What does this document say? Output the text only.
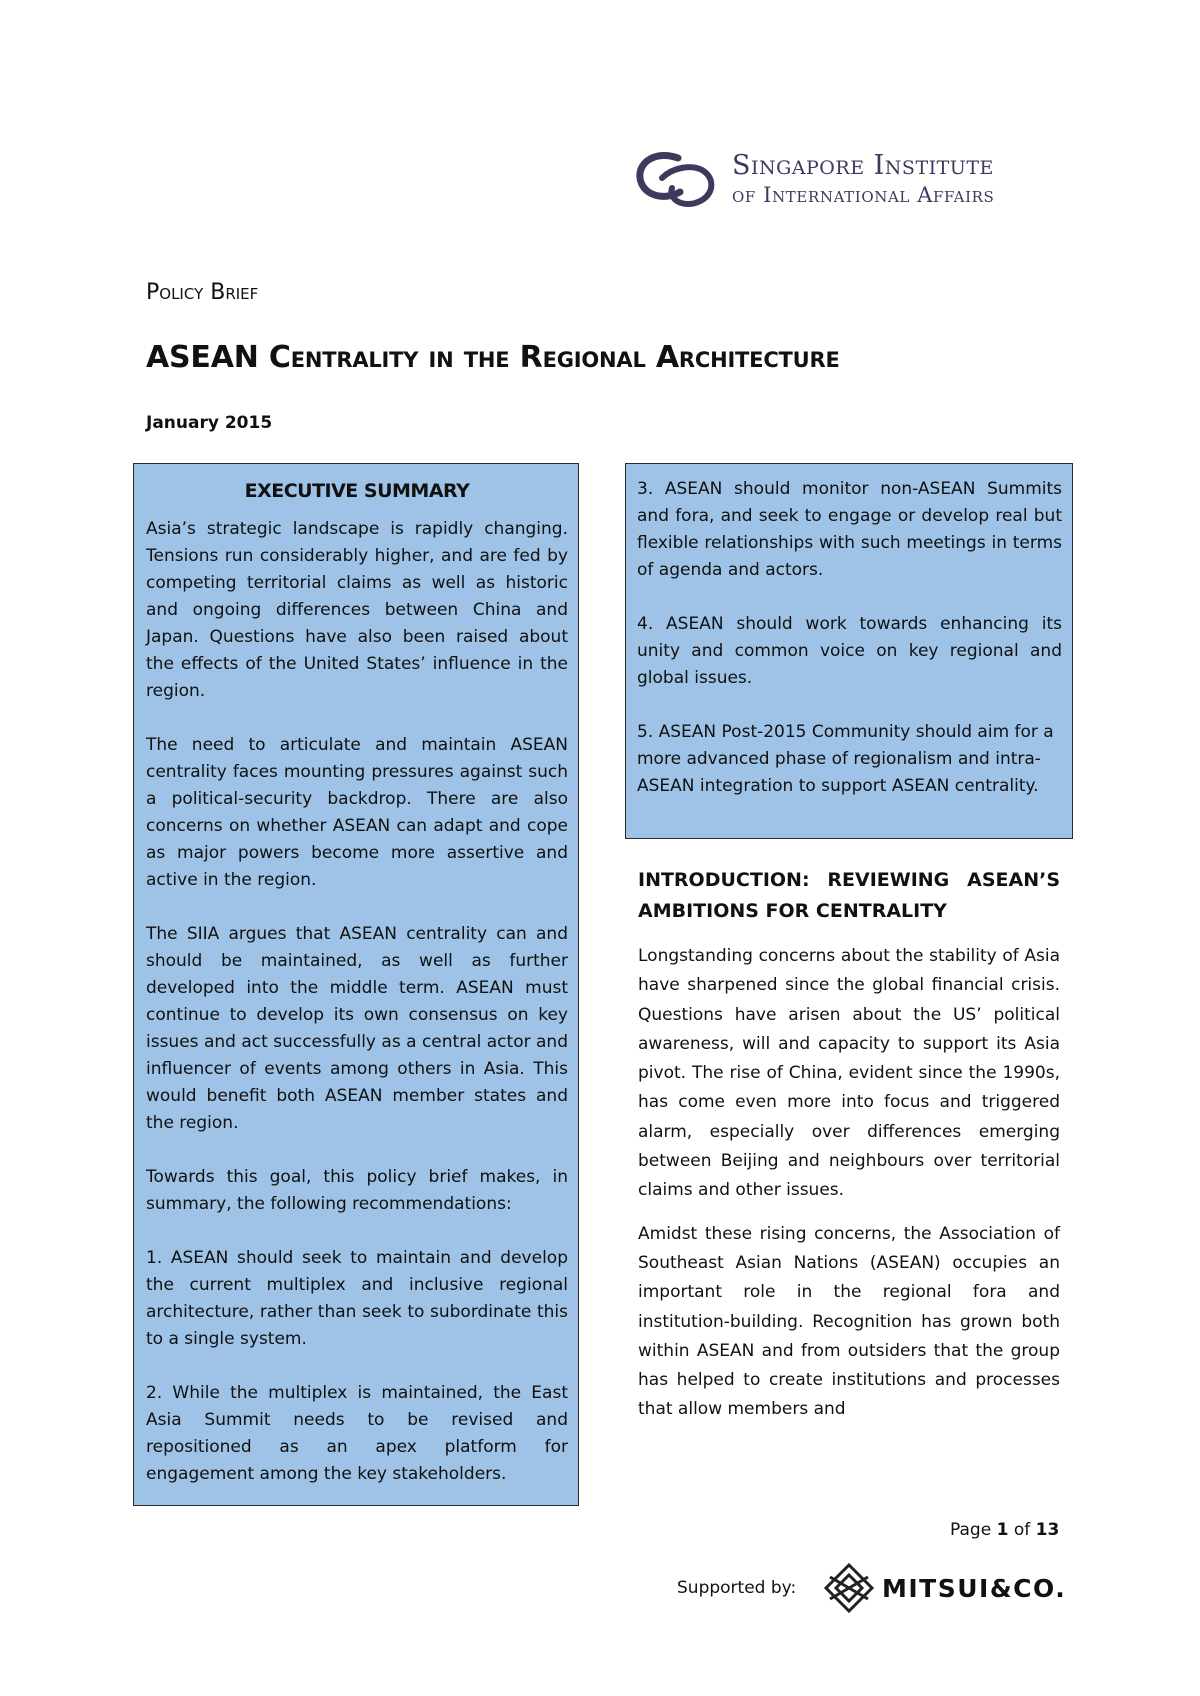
Singapore Institute
of International Affairs
Policy Brief
ASEAN Centrality in the Regional Architecture
January 2015
EXECUTIVE SUMMARY

Asia’s strategic landscape is rapidly changing. Tensions run considerably higher, and are fed by competing territorial claims as well as historic and ongoing differences between China and Japan. Questions have also been raised about the effects of the United States’ influence in the region.

The need to articulate and maintain ASEAN centrality faces mounting pressures against such a political-security backdrop. There are also concerns on whether ASEAN can adapt and cope as major powers become more assertive and active in the region.

The SIIA argues that ASEAN centrality can and should be maintained, as well as further developed into the middle term. ASEAN must continue to develop its own consensus on key issues and act successfully as a central actor and influencer of events among others in Asia. This would benefit both ASEAN member states and the region.

Towards this goal, this policy brief makes, in summary, the following recommendations:

1. ASEAN should seek to maintain and develop the current multiplex and inclusive regional architecture, rather than seek to subordinate this to a single system.

2. While the multiplex is maintained, the East Asia Summit needs to be revised and repositioned as an apex platform for engagement among the key stakeholders.

3. ASEAN should monitor non-ASEAN Summits and fora, and seek to engage or develop real but flexible relationships with such meetings in terms of agenda and actors.

4. ASEAN should work towards enhancing its unity and common voice on key regional and global issues.

5. ASEAN Post-2015 Community should aim for a more advanced phase of regionalism and intra-ASEAN integration to support ASEAN centrality.

INTRODUCTION: REVIEWING ASEAN’S AMBITIONS FOR CENTRALITY

Longstanding concerns about the stability of Asia have sharpened since the global financial crisis. Questions have arisen about the US’ political awareness, will and capacity to support its Asia pivot. The rise of China, evident since the 1990s, has come even more into focus and triggered alarm, especially over differences emerging between Beijing and neighbours over territorial claims and other issues.

Amidst these rising concerns, the Association of Southeast Asian Nations (ASEAN) occupies an important role in the regional fora and institution-building. Recognition has grown both within ASEAN and from outsiders that the group has helped to create institutions and processes that allow members and

Page 1 of 13
Supported by:	MITSUI&CO.
